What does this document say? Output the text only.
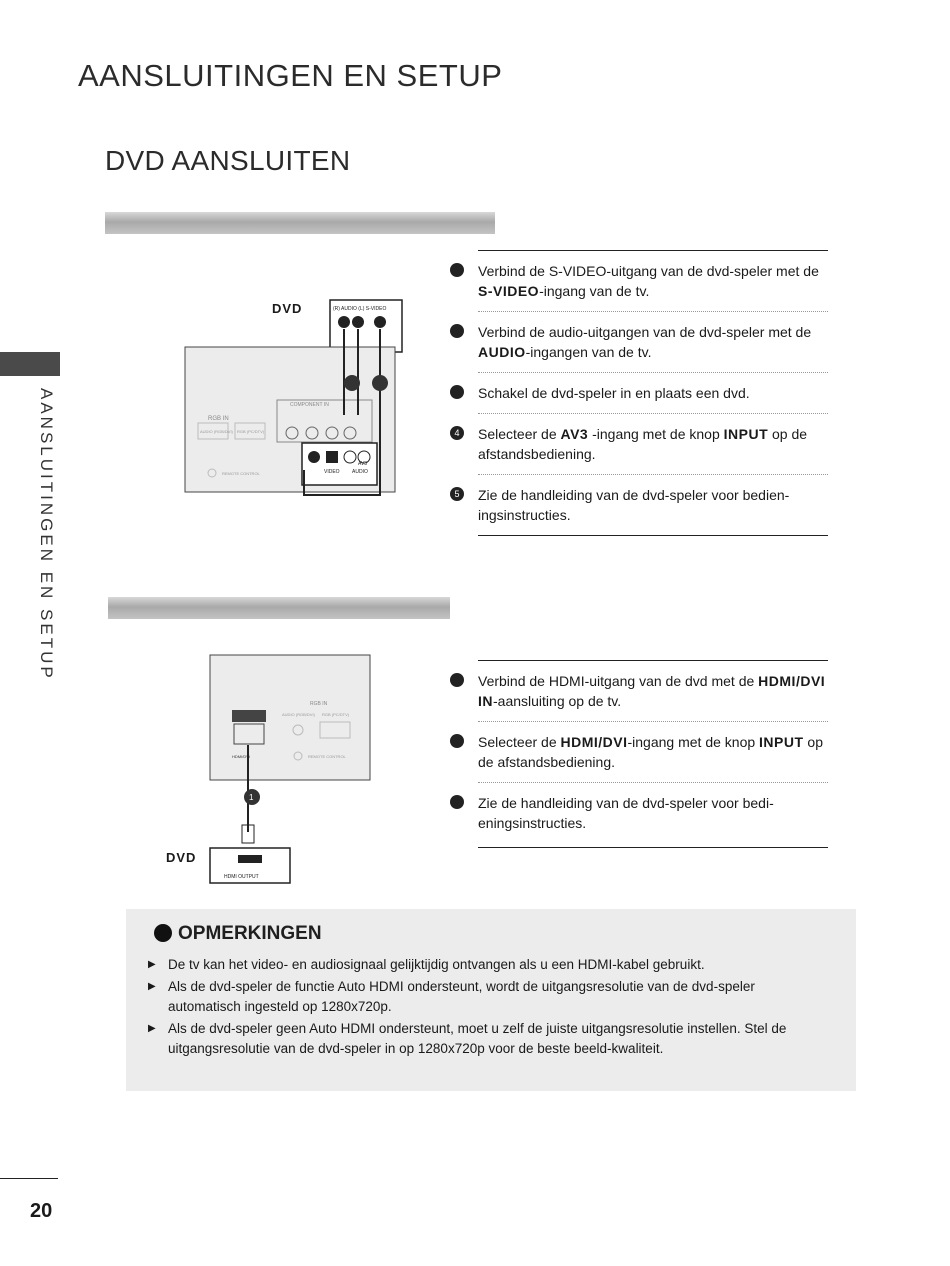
AANSLUITINGEN EN SETUP
DVD AANSLUITEN
AANSLUITINGEN EN SETUP
DVD	(R) AUDIO (L) S-VIDEO
RGB IN
AUDIO (RGB/DVI) RGB (PC/DTV)
REMOTE CONTROL
COMPONENT IN
VIDEO AUDIO
AV3
Verbind de S-VIDEO-uitgang van de dvd-speler met de S-VIDEO-ingang van de tv.
Verbind de audio-uitgangen van de dvd-speler met de AUDIO-ingangen van de tv.
Schakel de dvd-speler in en plaats een dvd.
4	Selecteer de AV3 -ingang met de knop INPUT op de afstandsbediening.
5	Zie de handleiding van de dvd-speler voor bedien-ingsinstructies.
DVD
RGB IN
AUDIO (RGB/DVI) RGB (PC/DTV)
REMOTE CONTROL
HDMI/DVI
1
HDMI OUTPUT
Verbind de HDMI-uitgang van de dvd met de HDMI/DVI IN-aansluiting op de tv.
Selecteer de HDMI/DVI-ingang met de knop INPUT op de afstandsbediening.
Zie de handleiding van de dvd-speler voor bedi-eningsinstructies.
OPMERKINGEN
▶ De tv kan het video- en audiosignaal gelijktijdig ontvangen als u een HDMI-kabel gebruikt.
▶ Als de dvd-speler de functie Auto HDMI ondersteunt, wordt de uitgangsresolutie van de dvd-speler automatisch ingesteld op 1280x720p.
▶ Als de dvd-speler geen Auto HDMI ondersteunt, moet u zelf de juiste uitgangsresolutie instellen. Stel de uitgangsresolutie van de dvd-speler in op 1280x720p voor de beste beeld-kwaliteit.
20
